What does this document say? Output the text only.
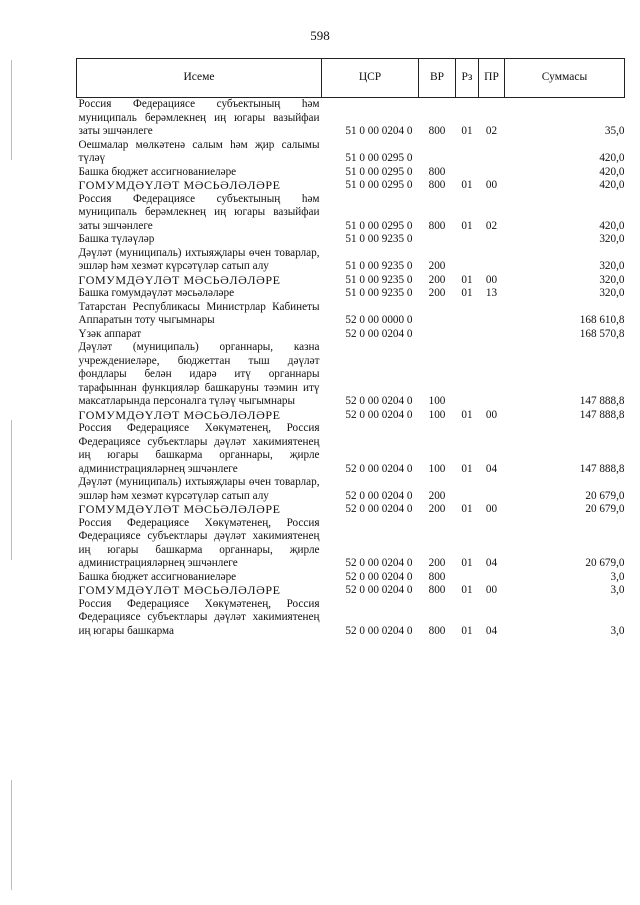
598
Исеме	ЦСР	ВР	Рз	ПР	Суммасы
Россия Федерациясе субъектының һәм муниципаль берәмлекнең иң югары вазыйфаи заты эшчәнлеге	51 0 00 0204 0	800	01	02	35,0
Оешмалар мөлкәтенә салым һәм җир салымы түләү	51 0 00 0295 0				420,0
Башка бюджет ассигнованиеләре	51 0 00 0295 0	800			420,0
ГОМУМДӘҮЛӘТ МӘСЬӘЛӘЛӘРЕ	51 0 00 0295 0	800	01	00	420,0
Россия Федерациясе субъектының һәм муниципаль берәмлекнең иң югары вазыйфаи заты эшчәнлеге	51 0 00 0295 0	800	01	02	420,0
Башка түләүләр	51 0 00 9235 0				320,0
Дәүләт (муниципаль) ихтыяҗлары өчен товарлар, эшләр һәм хезмәт күрсәтүләр сатып алу	51 0 00 9235 0	200			320,0
ГОМУМДӘҮЛӘТ МӘСЬӘЛӘЛӘРЕ	51 0 00 9235 0	200	01	00	320,0
Башка гомумдәүләт мәсьәләләре	51 0 00 9235 0	200	01	13	320,0
Татарстан Республикасы Министрлар Кабинеты Аппаратын тоту чыгымнары	52 0 00 0000 0				168 610,8
Үзәк аппарат	52 0 00 0204 0				168 570,8
Дәүләт (муниципаль) органнары, казна учреждениеләре, бюджеттан тыш дәүләт фондлары белән идарә итү органнары тарафыннан функцияләр башкаруны тәэмин итү максатларында персоналга түләү чыгымнары	52 0 00 0204 0	100			147 888,8
ГОМУМДӘҮЛӘТ МӘСЬӘЛӘЛӘРЕ	52 0 00 0204 0	100	01	00	147 888,8
Россия Федерациясе Хөкүмәтенең, Россия Федерациясе субъектлары дәүләт хакимиятенең иң югары башкарма органнары, җирле администрацияләрнең эшчәнлеге	52 0 00 0204 0	100	01	04	147 888,8
Дәүләт (муниципаль) ихтыяҗлары өчен товарлар, эшләр һәм хезмәт күрсәтүләр сатып алу	52 0 00 0204 0	200			20 679,0
ГОМУМДӘҮЛӘТ МӘСЬӘЛӘЛӘРЕ	52 0 00 0204 0	200	01	00	20 679,0
Россия Федерациясе Хөкүмәтенең, Россия Федерациясе субъектлары дәүләт хакимиятенең иң югары башкарма органнары, җирле администрацияләрнең эшчәнлеге	52 0 00 0204 0	200	01	04	20 679,0
Башка бюджет ассигнованиеләре	52 0 00 0204 0	800			3,0
ГОМУМДӘҮЛӘТ МӘСЬӘЛӘЛӘРЕ	52 0 00 0204 0	800	01	00	3,0
Россия Федерациясе Хөкүмәтенең, Россия Федерациясе субъектлары дәүләт хакимиятенең иң югары башкарма	52 0 00 0204 0	800	01	04	3,0
